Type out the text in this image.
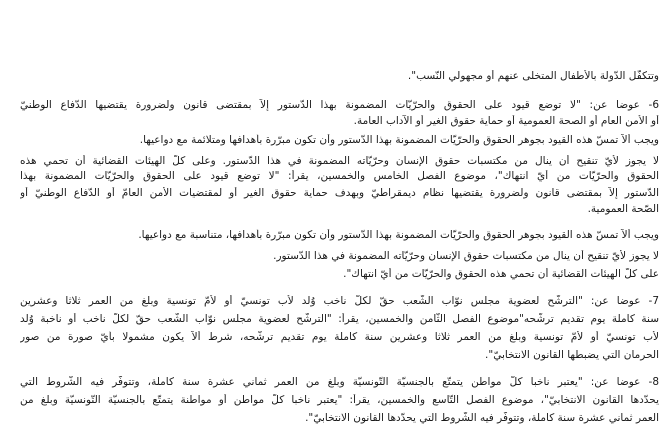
وتتكفّل الدّولة بالأطفال المتخلّى عنهم أو مجهولي النّسب".
6- عوضا عن: "لا توضع قيود على الحقوق والحرّيّات المضمونة بهذا الدّستور إلاّ بمقتضى قانون ولضرورة يقتضيها الدّفاع الوطنيّ
أو الأمن العام أو الصحة العمومية أو حماية حقوق الغير أو الآداب العامة.
ويجب ألاّ تمسّ هذه القيود بجوهر الحقوق والحرّيّات المضمونة بهذا الدّستور وأن تكون مبرّرة بأهدافها ومتلائمة مع دواعيها.
لا يجوز لأيّ تنقيح أن ينال من مكتسبات حقوق الإنسان وحرّيّاته المضمونة في هذا الدّستور. وعلى كلّ الهيئات القضائية أن تحمي هذه
الحقوق والحرّيّات من أيّ انتهاك"، موضوع الفصل الخامس والخمسين، يقرأ: "لا توضع قيود على الحقوق والحرّيّات المضمونة بهذا
الدّستور إلاّ بمقتضى قانون ولضرورة يقتضيها نظام ديمقراطيّ وبهدف حماية حقوق الغير أو لمقتضيات الأمن العامّ أو الدّفاع الوطنيّ أو
الصّحة العمومية.
ويجب ألاّ تمسّ هذه القيود بجوهر الحقوق والحرّيّات المضمونة بهذا الدّستور وأن تكون مبرّرة بأهدافها، متناسبة مع دواعيها.
لا يجوز لأيّ تنقيح أن ينال من مكتسبات حقوق الإنسان وحرّيّاته المضمونة في هذا الدّستور.
على كلّ الهيئات القضائية أن تحمي هذه الحقوق والحرّيّات من أيّ انتهاك".
7- عوضا عن: "الترشّح لعضوية مجلس نوّاب الشّعب حقّ لكلّ ناخب وُلد لأب تونسيّ أو لأمّ تونسية وبلغ من العمر ثلاثا وعشرين
سنة كاملة يوم تقديم ترشّحه"موضوع الفصل الثّامن والخمسين، يقرأ: "الترشّح لعضوية مجلس نوّاب الشّعب حقّ لكلّ ناخب أو ناخبة وُلد
لأب تونسيّ أو لأمّ تونسية وبلغ من العمر ثلاثا وعشرين سنة كاملة يوم تقديم ترشّحه، شرط ألاّ يكون مشمولا بأيّ صورة من صور
الحرمان التي يضبطها القانون الانتخابيّ".
8- عوضا عن: "يعتبر ناخبا كلّ مواطن يتمتّع بالجنسيّة التّونسيّة وبلغ من العمر ثماني عشرة سنة كاملة، وتتوفّر فيه الشّروط التي
يحدّدها القانون الانتخابيّ"، موضوع الفصل التّاسع والخمسين، يقرأ: "يعتبر ناخبا كلّ مواطن أو مواطنة يتمتّع بالجنسيّة التّونسيّة وبلغ من
العمر ثماني عشرة سنة كاملة، وتتوفّر فيه الشّروط التي يحدّدها القانون الانتخابيّ".
